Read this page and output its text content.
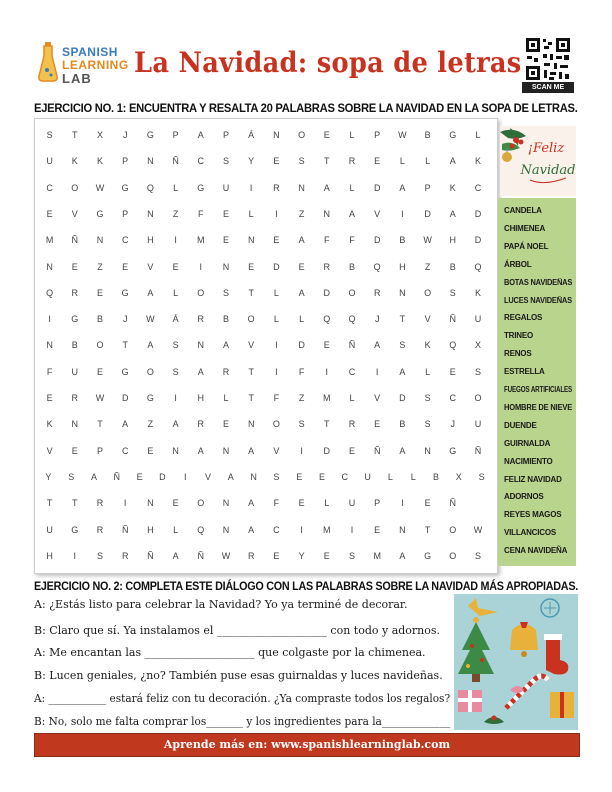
SPANISH
LEARNING
LAB La Navidad: sopa de letras
SCAN ME
EJERCICIO NO. 1: ENCUENTRA Y RESALTA 20 PALABRAS SOBRE LA NAVIDAD EN LA SOPA DE LETRAS.
S	T	X	J	G	P	A	P	Á	N	O	E	L	P	W	B	G	L
U	K	K	P	N	Ñ	C	S	Y	E	S	T	R	E	L	L	A	K
C	O	W	G	Q	L	G	U	I	R	N	A	L	D	A	P	K	C
E	V	G	P	N	Z	F	E	L	I	Z	N	A	V	I	D	A	D
M	Ñ	N	C	H	I	M	E	N	E	A	F	F	D	B	W	H	D
N	E	Z	E	V	E	I	N	E	D	E	R	B	Q	H	Z	B	Q
Q	R	E	G	A	L	O	S	T	L	A	D	O	R	N	O	S	K
I	G	B	J	W	Á	R	B	O	L	L	Q	Q	J	T	V	Ñ	U
N	B	O	T	A	S	N	A	V	I	D	E	Ñ	A	S	K	Q	X
F	U	E	G	O	S	A	R	T	I	F	I	C	I	A	L	E	S
E	R	W	D	G	I	H	L	T	F	Z	M	L	V	D	S	C	O
K	N	T	A	Z	A	R	E	N	O	S	T	R	E	B	S	J	U
V	E	P	C	E	N	A	N	A	V	I	D	E	Ñ	A	N	G	Ñ
Y	S	A	Ñ	E	D	I	V	A	N	S	E	E	C	U	L	L	B	X	S
T	T	R	I	N	E	O	N	A	F	E	L	U	P	I	E	Ñ
U	G	R	Ñ	H	L	Q	N	A	C	I	M	I	E	N	T	O	W
H	I	S	R	Ñ	A	Ñ	W	R	E	Y	E	S	M	A	G	O	S
¡Feliz
Navidad
CANDELA
CHIMENEA
PAPÁ NOEL
ÁRBOL
BOTAS NAVIDEÑAS
LUCES NAVIDEÑAS
REGALOS
TRINEO
RENOS
ESTRELLA
FUEGOS ARTIFICIALES
HOMBRE DE NIEVE
DUENDE
GUIRNALDA
NACIMIENTO
FELIZ NAVIDAD
ADORNOS
REYES MAGOS
VILLANCICOS
CENA NAVIDEÑA
EJERCICIO NO. 2: COMPLETA ESTE DIÁLOGO CON LAS PALABRAS SOBRE LA NAVIDAD MÁS APROPIADAS.
A: ¿Estás listo para celebrar la Navidad? Yo ya terminé de decorar.
B: Claro que sí. Ya instalamos el ____________________ con todo y adornos.
A: Me encantan las ____________________ que colgaste por la chimenea.
B: Lucen geniales, ¿no? También puse esas guirnaldas y luces navideñas.
A: ___________ estará feliz con tu decoración. ¿Ya compraste todos los regalos?
B: No, solo me falta comprar los_______ y los ingredientes para la_____________
Aprende más en: www.spanishlearninglab.com
